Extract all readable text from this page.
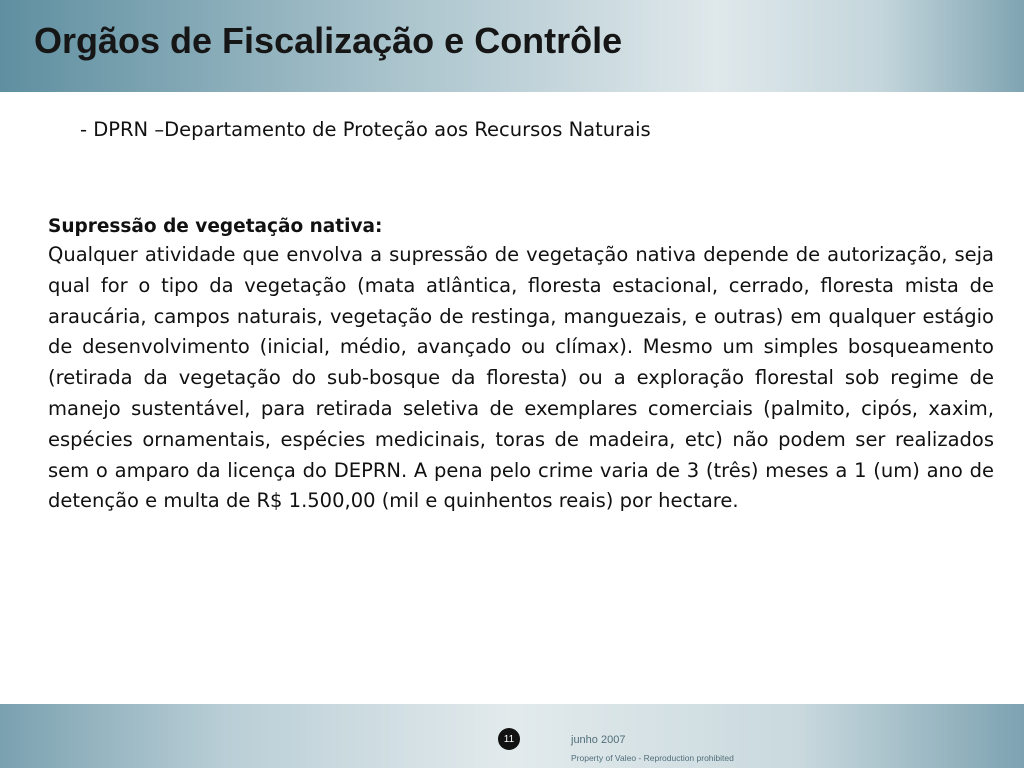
Orgãos de Fiscalização e Contrôle
- DPRN –Departamento de Proteção aos Recursos Naturais
Supressão de vegetação nativa:

Qualquer atividade que envolva a supressão de vegetação nativa depende de autorização, seja qual for o tipo da vegetação (mata atlântica, floresta estacional, cerrado, floresta mista de araucária, campos naturais, vegetação de restinga, manguezais, e outras) em qualquer estágio de desenvolvimento (inicial, médio, avançado ou clímax). Mesmo um simples bosqueamento (retirada da vegetação do sub-bosque da floresta) ou a exploração florestal sob regime de manejo sustentável, para retirada seletiva de exemplares comerciais (palmito, cipós, xaxim, espécies ornamentais, espécies medicinais, toras de madeira, etc) não podem ser realizados sem o amparo da licença do DEPRN. A pena pelo crime varia de 3 (três) meses a 1 (um) ano de detenção e multa de R$ 1.500,00 (mil e quinhentos reais) por hectare.

11	junho 2007
Property of Valeo - Reproduction prohibited
